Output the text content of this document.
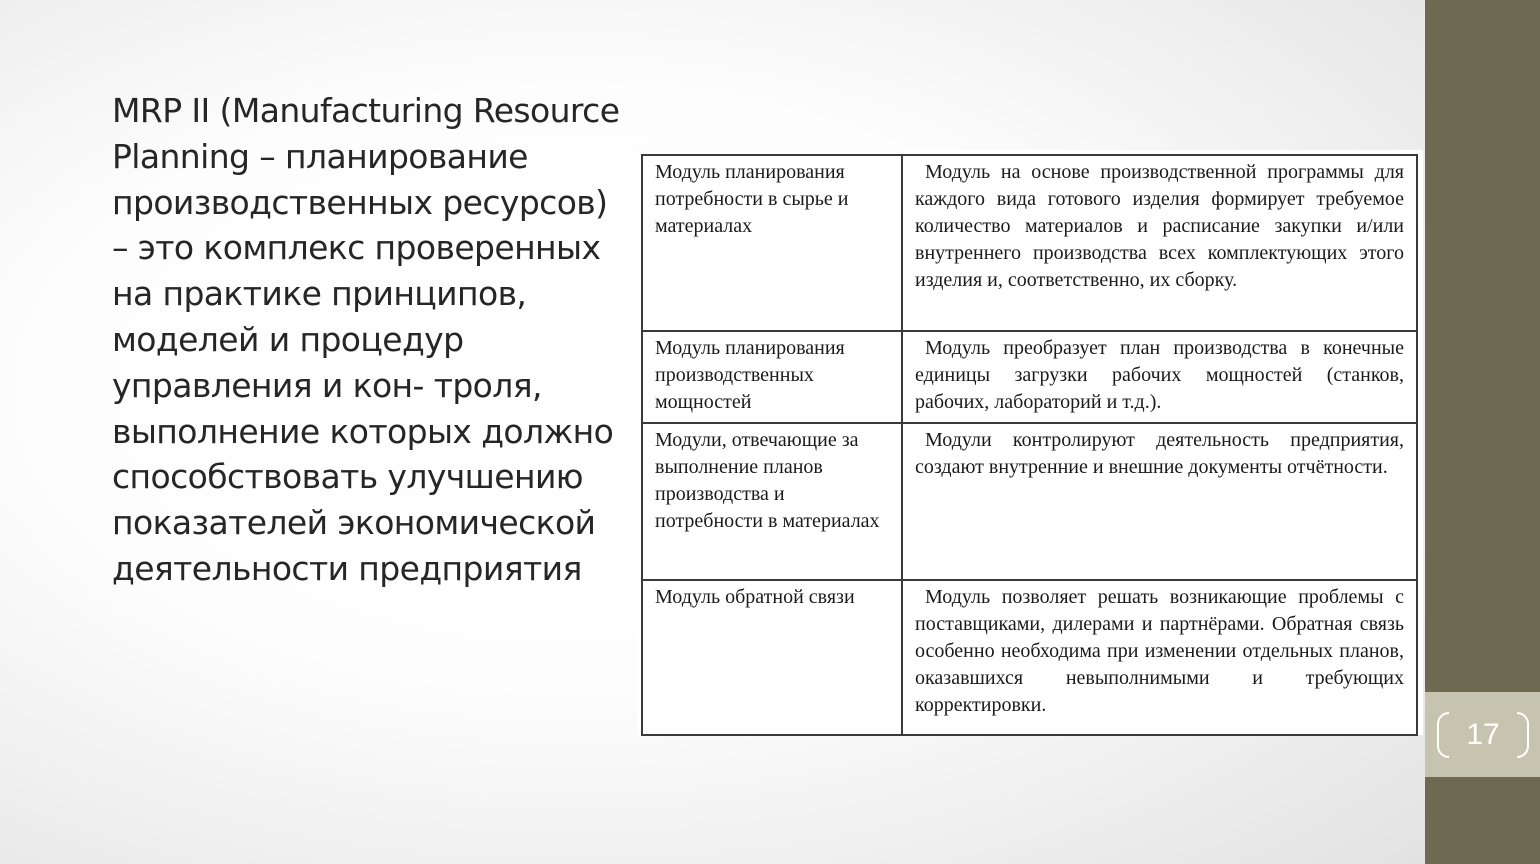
MRP II (Manufacturing Resource Planning – планирование производственных ресурсов) – это комплекс проверенных на практике принципов, моделей и процедур управления и кон- троля, выполнение которых должно способствовать улучшению показателей экономической деятельности предприятия

Модуль планирования потребности в сырье и материалах	Модуль на основе производственной программы для каждого вида готового изделия формирует требуемое количество материалов и расписание закупки и/или внутреннего производства всех комплектующих этого изделия и, соответственно, их сборку.
Модуль планирования производственных мощностей	Модуль преобразует план производства в конечные единицы загрузки рабочих мощностей (станков, рабочих, лабораторий и т.д.).
Модули, отвечающие за выполнение планов производства и потребности в материалах	Модули контролируют деятельность предприятия, создают внутренние и внешние документы отчётности.
Модуль обратной связи	Модуль позволяет решать возникающие проблемы с поставщиками, дилерами и партнёрами. Обратная связь особенно необходима при изменении отдельных планов, оказавшихся невыполнимыми и требующих корректировки.
17
